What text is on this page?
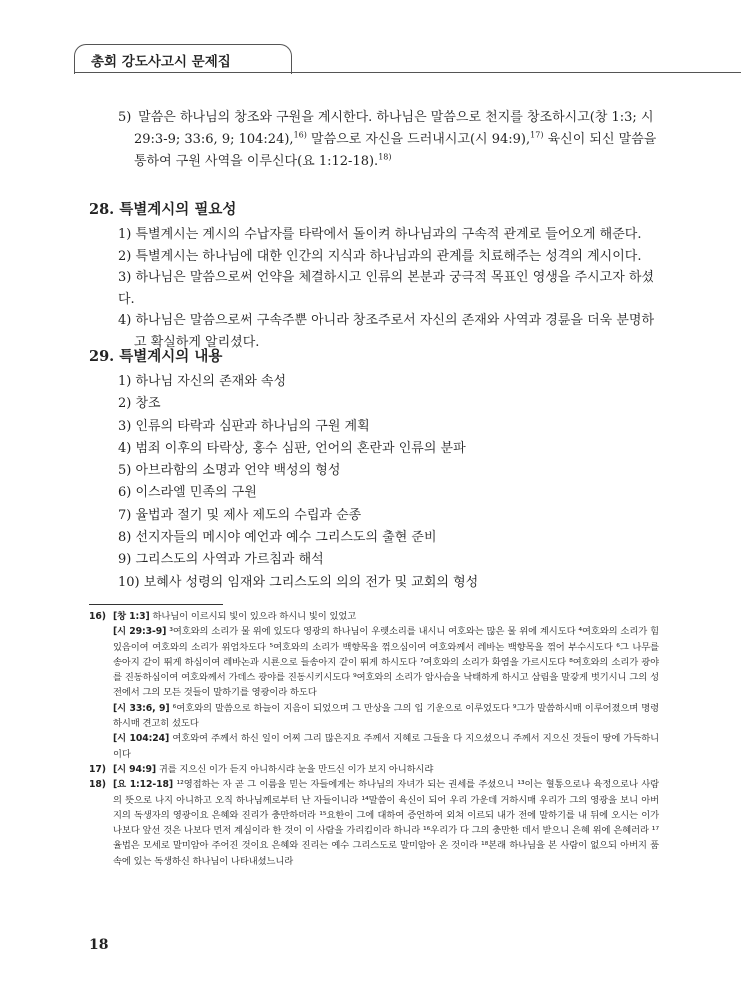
총회 강도사고시 문제집
5) 말씀은 하나님의 창조와 구원을 계시한다. 하나님은 말씀으로 천지를 창조하시고(창 1:3; 시
29:3-9; 33:6, 9; 104:24),$^{16)}$ 말씀으로 자신을 드러내시고(시 94:9),$^{17)}$ 육신이 되신 말씀을
통하여 구원 사역을 이루신다(요 1:12-18).$^{18)}$
28. 특별계시의 필요성
1) 특별계시는 계시의 수납자를 타락에서 돌이켜 하나님과의 구속적 관계로 들어오게 해준다.
2) 특별계시는 하나님에 대한 인간의 지식과 하나님과의 관계를 치료해주는 성격의 계시이다.
3) 하나님은 말씀으로써 언약을 체결하시고 인류의 본분과 궁극적 목표인 영생을 주시고자 하셨다.
4) 하나님은 말씀으로써 구속주뿐 아니라 창조주로서 자신의 존재와 사역과 경륜을 더욱 분명하
고 확실하게 알리셨다.
29. 특별계시의 내용
1) 하나님 자신의 존재와 속성
2) 창조
3) 인류의 타락과 심판과 하나님의 구원 계획
4) 범죄 이후의 타락상, 홍수 심판, 언어의 혼란과 인류의 분파
5) 아브라함의 소명과 언약 백성의 형성
6) 이스라엘 민족의 구원
7) 율법과 절기 및 제사 제도의 수립과 순종
8) 선지자들의 메시야 예언과 예수 그리스도의 출현 준비
9) 그리스도의 사역과 가르침과 해석
10) 보혜사 성령의 임재와 그리스도의 의의 전가 및 교회의 형성
16) [창 1:3] 하나님이 이르시되 빛이 있으라 하시니 빛이 있었고

[시 29:3-9] ³여호와의 소리가 물 위에 있도다 영광의 하나님이 우렛소리를 내시니 여호와는 많은 물 위에 계시도다 ⁴여호와의 소리가 힘 있음이여 여호와의 소리가 위엄차도다 ⁵여호와의 소리가 백향목을 꺾으심이여 여호와께서 레바논 백향목을 꺾어 부수시도다 ⁶그 나무를 송아지 같이 뛰게 하심이여 레바논과 시룐으로 들송아지 같이 뛰게 하시도다 ⁷여호와의 소리가 화염을 가르시도다 ⁸여호와의 소리가 광야를 진동하심이여 여호와께서 가데스 광야를 진동시키시도다 ⁹여호와의 소리가 암사슴을 낙태하게 하시고 삼림을 말갛게 벗기시니 그의 성전에서 그의 모든 것들이 말하기를 영광이라 하도다

[시 33:6, 9] ⁶여호와의 말씀으로 하늘이 지음이 되었으며 그 만상을 그의 입 기운으로 이루었도다 ⁹그가 말씀하시매 이루어졌으며 명령하시매 견고히 섰도다

[시 104:24] 여호와여 주께서 하신 일이 어찌 그리 많은지요 주께서 지혜로 그들을 다 지으셨으니 주께서 지으신 것들이 땅에 가득하니이다

17) [시 94:9] 귀를 지으신 이가 듣지 아니하시랴 눈을 만드신 이가 보지 아니하시랴

18) [요 1:12-18] ¹²영접하는 자 곧 그 이름을 믿는 자들에게는 하나님의 자녀가 되는 권세를 주셨으니 ¹³이는 혈통으로나 육정으로나 사람의 뜻으로 나지 아니하고 오직 하나님께로부터 난 자들이니라 ¹⁴말씀이 육신이 되어 우리 가운데 거하시매 우리가 그의 영광을 보니 아버지의 독생자의 영광이요 은혜와 진리가 충만하더라 ¹⁵요한이 그에 대하여 증언하여 외쳐 이르되 내가 전에 말하기를 내 뒤에 오시는 이가 나보다 앞선 것은 나보다 먼저 계심이라 한 것이 이 사람을 가리킴이라 하니라 ¹⁶우리가 다 그의 충만한 데서 받으니 은혜 위에 은혜러라 ¹⁷율법은 모세로 말미암아 주어진 것이요 은혜와 진리는 예수 그리스도로 말미암아 온 것이라 ¹⁸본래 하나님을 본 사람이 없으되 아버지 품 속에 있는 독생하신 하나님이 나타내셨느니라

18
